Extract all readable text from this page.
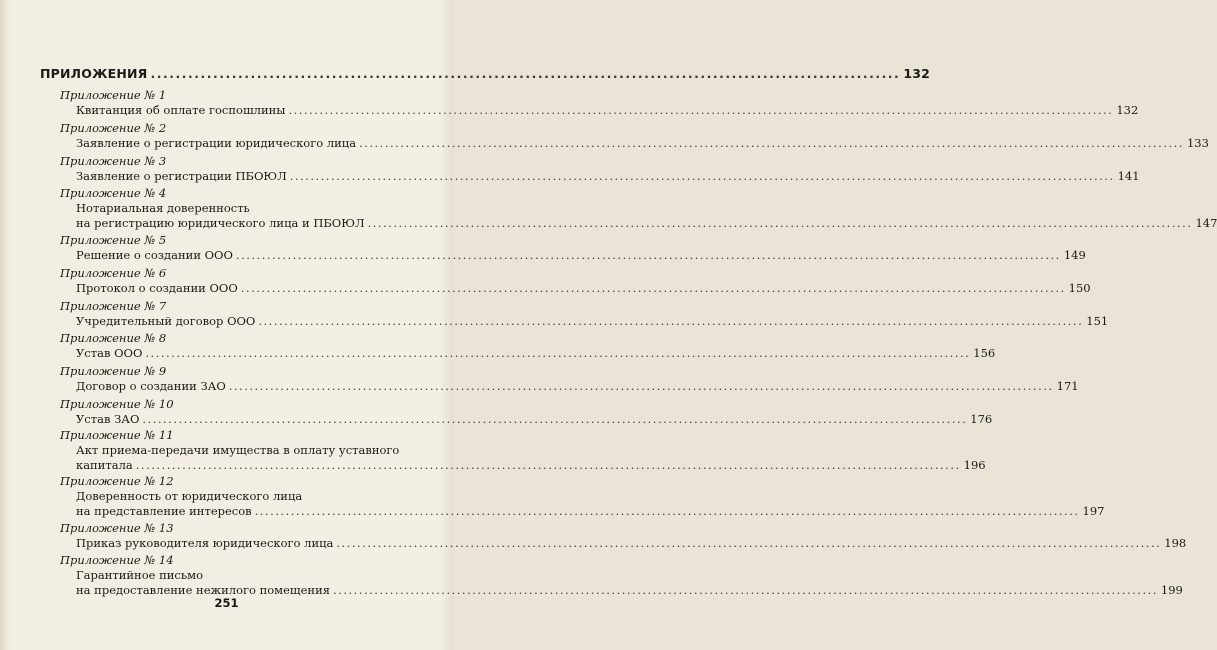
ПРИЛОЖЕНИЯ ........................................................................................................................ 132
Приложение № 1
Квитанция об оплате госпошлины ................................................................................................................................................................ 132
Приложение № 2
Заявление о регистрации юридического лица ................................................................................................................................................................ 133
Приложение № 3
Заявление о регистрации ПБОЮЛ ................................................................................................................................................................ 141
Приложение № 4
Нотариальная доверенность
на регистрацию юридического лица и ПБОЮЛ ................................................................................................................................................................ 147
Приложение № 5
Решение о создании ООО ................................................................................................................................................................ 149
Приложение № 6
Протокол о создании ООО ................................................................................................................................................................ 150
Приложение № 7
Учредительный договор ООО ................................................................................................................................................................ 151
Приложение № 8
Устав ООО ................................................................................................................................................................ 156
Приложение № 9
Договор о создании ЗАО ................................................................................................................................................................ 171
Приложение № 10
Устав ЗАО ................................................................................................................................................................ 176
Приложение № 11
Акт приема-передачи имущества в оплату уставного
капитала ................................................................................................................................................................ 196
Приложение № 12
Доверенность от юридического лица
на представление интересов ................................................................................................................................................................ 197
Приложение № 13
Приказ руководителя юридического лица ................................................................................................................................................................ 198
Приложение № 14
Гарантийное письмо
на предоставление нежилого помещения ................................................................................................................................................................ 199
251
